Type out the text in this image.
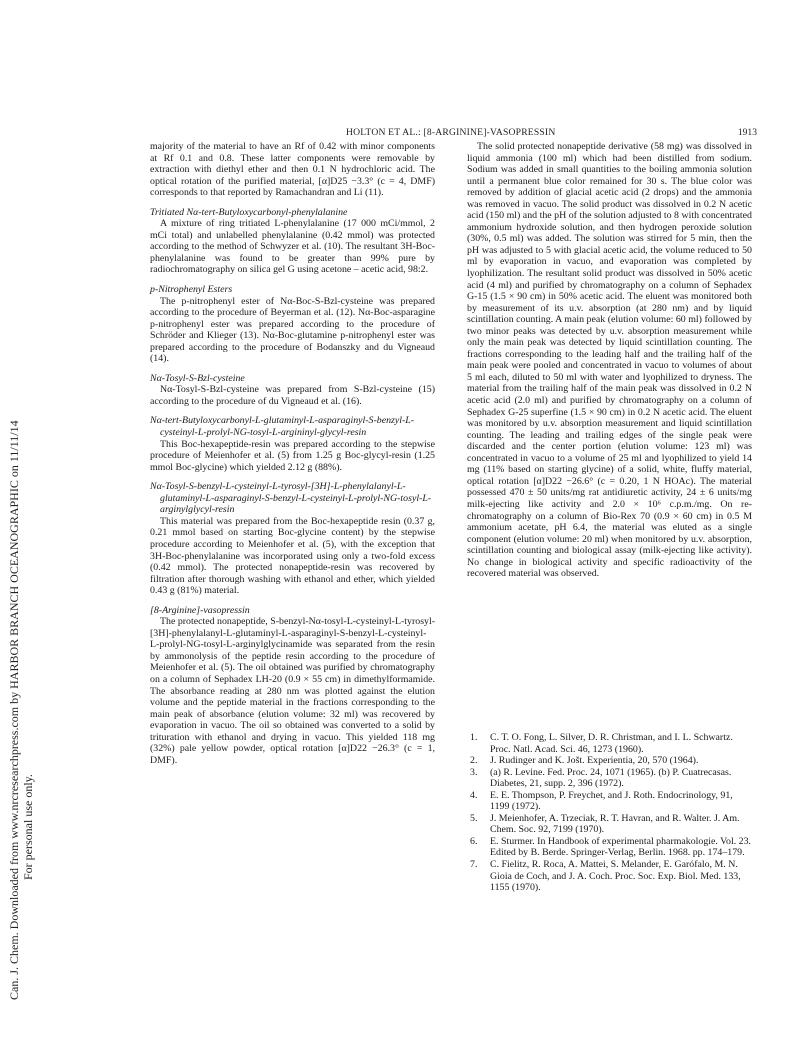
Can. J. Chem. Downloaded from www.nrcresearchpress.com by HARBOR BRANCH OCEANOGRAPHIC on 11/11/14 For personal use only.
HOLTON ET AL.: [8-ARGININE]-VASOPRESSIN	1913

majority of the material to have an Rf of 0.42 with minor components at Rf 0.1 and 0.8. These latter components were removable by extraction with diethyl ether and then 0.1 N hydrochloric acid. The optical rotation of the purified material, [α]D25 −3.3° (c = 4, DMF) corresponds to that reported by Ramachandran and Li (11).

Tritiated Nα-tert-Butyloxycarbonyl-phenylalanine

A mixture of ring tritiated L-phenylalanine (17 000 mCi/mmol, 2 mCi total) and unlabelled phenylalanine (0.42 mmol) was protected according to the method of Schwyzer et al. (10). The resultant 3H-Boc-phenylalanine was found to be greater than 99% pure by radiochromatography on silica gel G using acetone – acetic acid, 98:2.

p-Nitrophenyl Esters

The p-nitrophenyl ester of Nα-Boc-S-Bzl-cysteine was prepared according to the procedure of Beyerman et al. (12). Nα-Boc-asparagine p-nitrophenyl ester was prepared according to the procedure of Schröder and Klieger (13). Nα-Boc-glutamine p-nitrophenyl ester was prepared according to the procedure of Bodanszky and du Vigneaud (14).

Nα-Tosyl-S-Bzl-cysteine

Nα-Tosyl-S-Bzl-cysteine was prepared from S-Bzl-cysteine (15) according to the procedure of du Vigneaud et al. (16).

Nα-tert-Butyloxycarbonyl-L-glutaminyl-L-asparaginyl-S-benzyl-L-cysteinyl-L-prolyl-NG-tosyl-L-argininyl-glycyl-resin

This Boc-hexapeptide-resin was prepared according to the stepwise procedure of Meienhofer et al. (5) from 1.25 g Boc-glycyl-resin (1.25 mmol Boc-glycine) which yielded 2.12 g (88%).

Nα-Tosyl-S-benzyl-L-cysteinyl-L-tyrosyl-[3H]-L-phenylalanyl-L-glutaminyl-L-asparaginyl-S-benzyl-L-cysteinyl-L-prolyl-NG-tosyl-L-arginylglycyl-resin

This material was prepared from the Boc-hexapeptide resin (0.37 g, 0.21 mmol based on starting Boc-glycine content) by the stepwise procedure according to Meienhofer et al. (5), with the exception that 3H-Boc-phenylalanine was incorporated using only a two-fold excess (0.42 mmol). The protected nonapeptide-resin was recovered by filtration after thorough washing with ethanol and ether, which yielded 0.43 g (81%) material.

[8-Arginine]-vasopressin

The protected nonapeptide, S-benzyl-Nα-tosyl-L-cysteinyl-L-tyrosyl-[3H]-phenylalanyl-L-glutaminyl-L-asparaginyl-S-benzyl-L-cysteinyl-L-prolyl-NG-tosyl-L-arginylglycinamide was separated from the resin by ammonolysis of the peptide resin according to the procedure of Meienhofer et al. (5). The oil obtained was purified by chromatography on a column of Sephadex LH-20 (0.9 × 55 cm) in dimethylformamide. The absorbance reading at 280 nm was plotted against the elution volume and the peptide material in the fractions corresponding to the main peak of absorbance (elution volume: 32 ml) was recovered by evaporation in vacuo. The oil so obtained was converted to a solid by trituration with ethanol and drying in vacuo. This yielded 118 mg (32%) pale yellow powder, optical rotation [α]D22 −26.3° (c = 1, DMF).

The solid protected nonapeptide derivative (58 mg) was dissolved in liquid ammonia (100 ml) which had been distilled from sodium. Sodium was added in small quantities to the boiling ammonia solution until a permanent blue color remained for 30 s. The blue color was removed by addition of glacial acetic acid (2 drops) and the ammonia was removed in vacuo. The solid product was dissolved in 0.2 N acetic acid (150 ml) and the pH of the solution adjusted to 8 with concentrated ammonium hydroxide solution, and then hydrogen peroxide solution (30%, 0.5 ml) was added. The solution was stirred for 5 min, then the pH was adjusted to 5 with glacial acetic acid, the volume reduced to 50 ml by evaporation in vacuo, and evaporation was completed by lyophilization. The resultant solid product was dissolved in 50% acetic acid (4 ml) and purified by chromatography on a column of Sephadex G-15 (1.5 × 90 cm) in 50% acetic acid. The eluent was monitored both by measurement of its u.v. absorption (at 280 nm) and by liquid scintillation counting. A main peak (elution volume: 60 ml) followed by two minor peaks was detected by u.v. absorption measurement while only the main peak was detected by liquid scintillation counting. The fractions corresponding to the leading half and the trailing half of the main peak were pooled and concentrated in vacuo to volumes of about 5 ml each, diluted to 50 ml with water and lyophilized to dryness. The material from the trailing half of the main peak was dissolved in 0.2 N acetic acid (2.0 ml) and purified by chromatography on a column of Sephadex G-25 superfine (1.5 × 90 cm) in 0.2 N acetic acid. The eluent was monitored by u.v. absorption measurement and liquid scintillation counting. The leading and trailing edges of the single peak were discarded and the center portion (elution volume: 123 ml) was concentrated in vacuo to a volume of 25 ml and lyophilized to yield 14 mg (11% based on starting glycine) of a solid, white, fluffy material, optical rotation [α]D22 −26.6° (c = 0.20, 1 N HOAc). The material possessed 470 ± 50 units/mg rat antidiuretic activity, 24 ± 6 units/mg milk-ejecting like activity and 2.0 × 10⁶ c.p.m./mg. On re-chromatography on a column of Bio-Rex 70 (0.9 × 60 cm) in 0.5 M ammonium acetate, pH 6.4, the material was eluted as a single component (elution volume: 20 ml) when monitored by u.v. absorption, scintillation counting and biological assay (milk-ejecting like activity). No change in biological activity and specific radioactivity of the recovered material was observed.

1. C. T. O. Fong, L. Silver, D. R. Christman, and I. L. Schwartz. Proc. Natl. Acad. Sci. 46, 1273 (1960).
2. J. Rudinger and K. Jošt. Experientia, 20, 570 (1964).
3. (a) R. Levine. Fed. Proc. 24, 1071 (1965). (b) P. Cuatrecasas. Diabetes, 21, supp. 2, 396 (1972).
4. E. E. Thompson, P. Freychet, and J. Roth. Endocrinology, 91, 1199 (1972).
5. J. Meienhofer, A. Trzeciak, R. T. Havran, and R. Walter. J. Am. Chem. Soc. 92, 7199 (1970).
6. E. Sturmer. In Handbook of experimental pharmakologie. Vol. 23. Edited by B. Berde. Springer-Verlag, Berlin. 1968. pp. 174–179.
7. C. Fielitz, R. Roca, A. Mattei, S. Melander, E. Garófalo, M. N. Gioia de Coch, and J. A. Coch. Proc. Soc. Exp. Biol. Med. 133, 1155 (1970).
